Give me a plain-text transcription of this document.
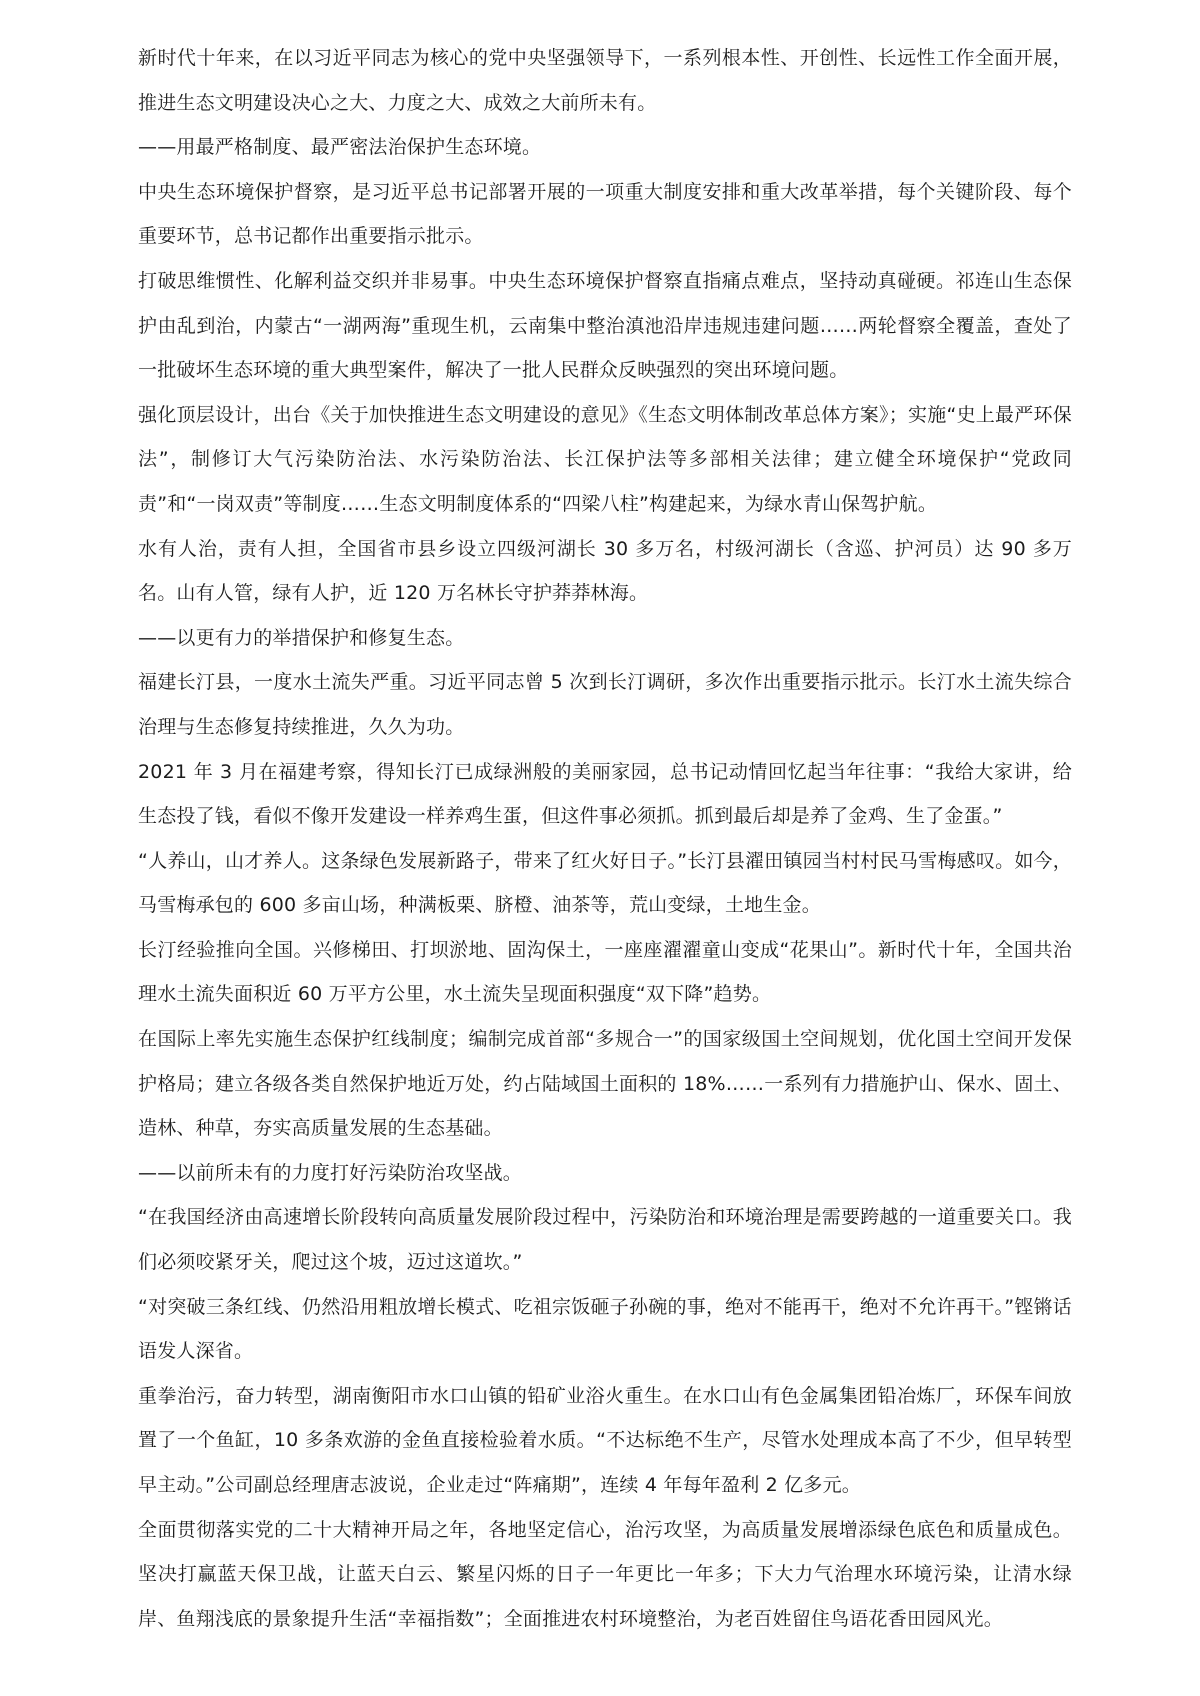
新时代十年来，在以习近平同志为核心的党中央坚强领导下，一系列根本性、开创性、长远性工作全面开展，推进生态文明建设决心之大、力度之大、成效之大前所未有。

——用最严格制度、最严密法治保护生态环境。

中央生态环境保护督察，是习近平总书记部署开展的一项重大制度安排和重大改革举措，每个关键阶段、每个重要环节，总书记都作出重要指示批示。

打破思维惯性、化解利益交织并非易事。中央生态环境保护督察直指痛点难点，坚持动真碰硬。祁连山生态保护由乱到治，内蒙古“一湖两海”重现生机，云南集中整治滇池沿岸违规违建问题……两轮督察全覆盖，查处了一批破坏生态环境的重大典型案件，解决了一批人民群众反映强烈的突出环境问题。

强化顶层设计，出台《关于加快推进生态文明建设的意见》《生态文明体制改革总体方案》；实施“史上最严环保法”，制修订大气污染防治法、水污染防治法、长江保护法等多部相关法律；建立健全环境保护“党政同责”和“一岗双责”等制度……生态文明制度体系的“四梁八柱”构建起来，为绿水青山保驾护航。

水有人治，责有人担，全国省市县乡设立四级河湖长 30 多万名，村级河湖长（含巡、护河员）达 90 多万名。山有人管，绿有人护，近 120 万名林长守护莽莽林海。

——以更有力的举措保护和修复生态。

福建长汀县，一度水土流失严重。习近平同志曾 5 次到长汀调研，多次作出重要指示批示。长汀水土流失综合治理与生态修复持续推进，久久为功。

2021 年 3 月在福建考察，得知长汀已成绿洲般的美丽家园，总书记动情回忆起当年往事：“我给大家讲，给生态投了钱，看似不像开发建设一样养鸡生蛋，但这件事必须抓。抓到最后却是养了金鸡、生了金蛋。”

“人养山，山才养人。这条绿色发展新路子，带来了红火好日子。”长汀县濯田镇园当村村民马雪梅感叹。如今，马雪梅承包的 600 多亩山场，种满板栗、脐橙、油茶等，荒山变绿，土地生金。

长汀经验推向全国。兴修梯田、打坝淤地、固沟保土，一座座濯濯童山变成“花果山”。新时代十年，全国共治理水土流失面积近 60 万平方公里，水土流失呈现面积强度“双下降”趋势。

在国际上率先实施生态保护红线制度；编制完成首部“多规合一”的国家级国土空间规划，优化国土空间开发保护格局；建立各级各类自然保护地近万处，约占陆域国土面积的 18%……一系列有力措施护山、保水、固土、造林、种草，夯实高质量发展的生态基础。

——以前所未有的力度打好污染防治攻坚战。

“在我国经济由高速增长阶段转向高质量发展阶段过程中，污染防治和环境治理是需要跨越的一道重要关口。我们必须咬紧牙关，爬过这个坡，迈过这道坎。”

“对突破三条红线、仍然沿用粗放增长模式、吃祖宗饭砸子孙碗的事，绝对不能再干，绝对不允许再干。”铿锵话语发人深省。

重拳治污，奋力转型，湖南衡阳市水口山镇的铅矿业浴火重生。在水口山有色金属集团铅冶炼厂，环保车间放置了一个鱼缸，10 多条欢游的金鱼直接检验着水质。“不达标绝不生产，尽管水处理成本高了不少，但早转型早主动。”公司副总经理唐志波说，企业走过“阵痛期”，连续 4 年每年盈利 2 亿多元。

全面贯彻落实党的二十大精神开局之年，各地坚定信心，治污攻坚，为高质量发展增添绿色底色和质量成色。坚决打赢蓝天保卫战，让蓝天白云、繁星闪烁的日子一年更比一年多；下大力气治理水环境污染，让清水绿岸、鱼翔浅底的景象提升生活“幸福指数”；全面推进农村环境整治，为老百姓留住鸟语花香田园风光。
